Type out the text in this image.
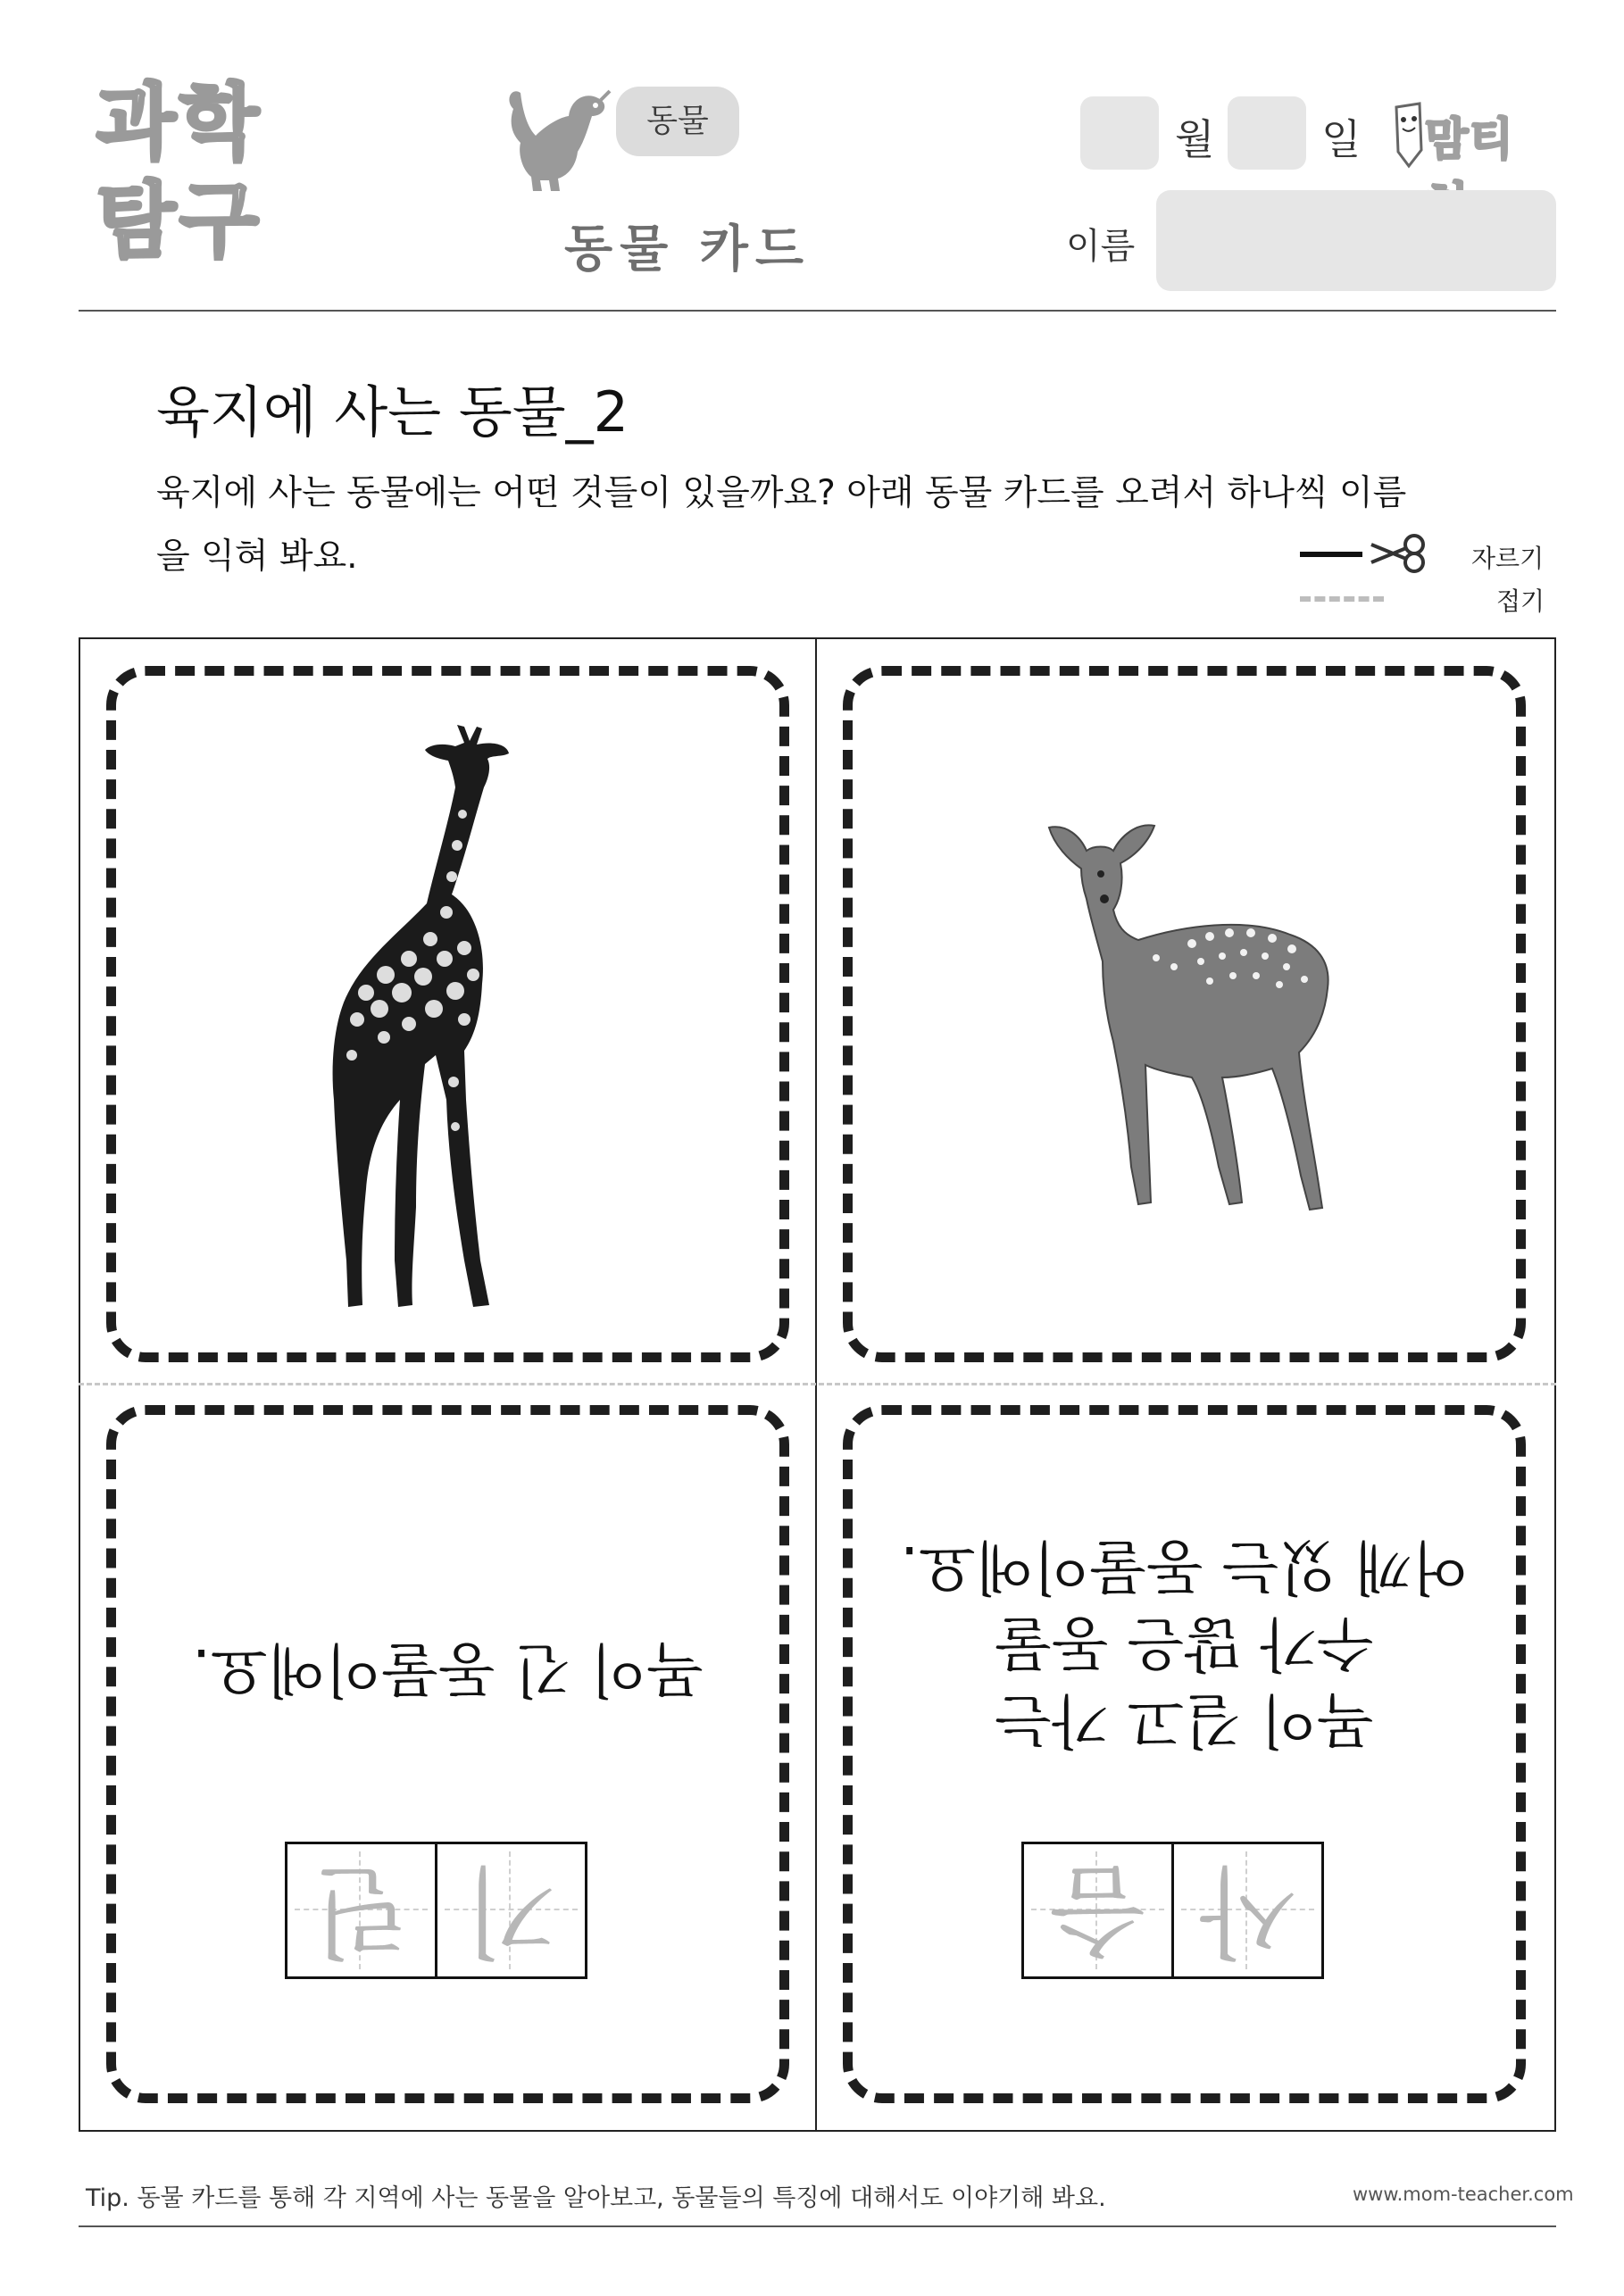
과학
탐구
동물
동물 카드
월	일 맘티
이름
육지에 사는 동물_2
육지에 사는 동물에는 어떤 것들이 있을까요? 아래 동물 카드를 오려서 하나씩 이름
을 익혀 봐요.	자르기
접기
목이 긴 동물이에요.
기
린
목이 길고 가는
수가 많은 동물
어깨 있는 동물이에요.
사
슴
Tip. 동물 카드를 통해 각 지역에 사는 동물을 알아보고, 동물들의 특징에 대해서도 이야기해 봐요.	www.mom-teacher.com
